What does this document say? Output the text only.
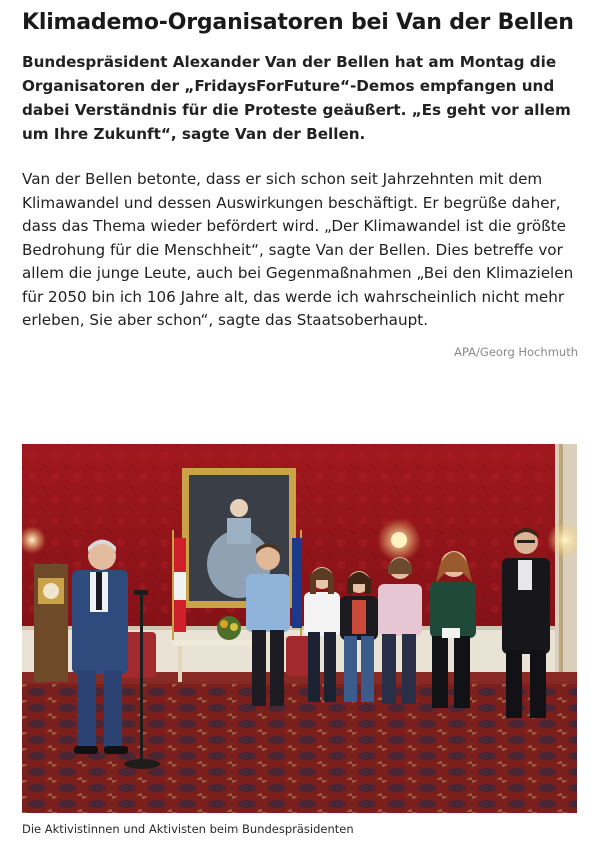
Klimademo-Organisatoren bei Van der Bellen

Bundespräsident Alexander Van der Bellen hat am Montag die Organisatoren der „FridaysForFuture“-Demos empfangen und dabei Verständnis für die Proteste geäußert. „Es geht vor allem um Ihre Zukunft“, sagte Van der Bellen.

Van der Bellen betonte, dass er sich schon seit Jahrzehnten mit dem Klimawandel und dessen Auswirkungen beschäftigt. Er begrüße daher, dass das Thema wieder befördert wird. „Der Klimawandel ist die größte Bedrohung für die Menschheit“, sagte Van der Bellen. Dies betreffe vor allem die junge Leute, auch bei Gegenmaßnahmen „Bei den Klimazielen für 2050 bin ich 106 Jahre alt, das werde ich wahrscheinlich nicht mehr erleben, Sie aber schon“, sagte das Staatsoberhaupt.

APA/Georg Hochmuth
Die Aktivistinnen und Aktivisten beim Bundespräsidenten
